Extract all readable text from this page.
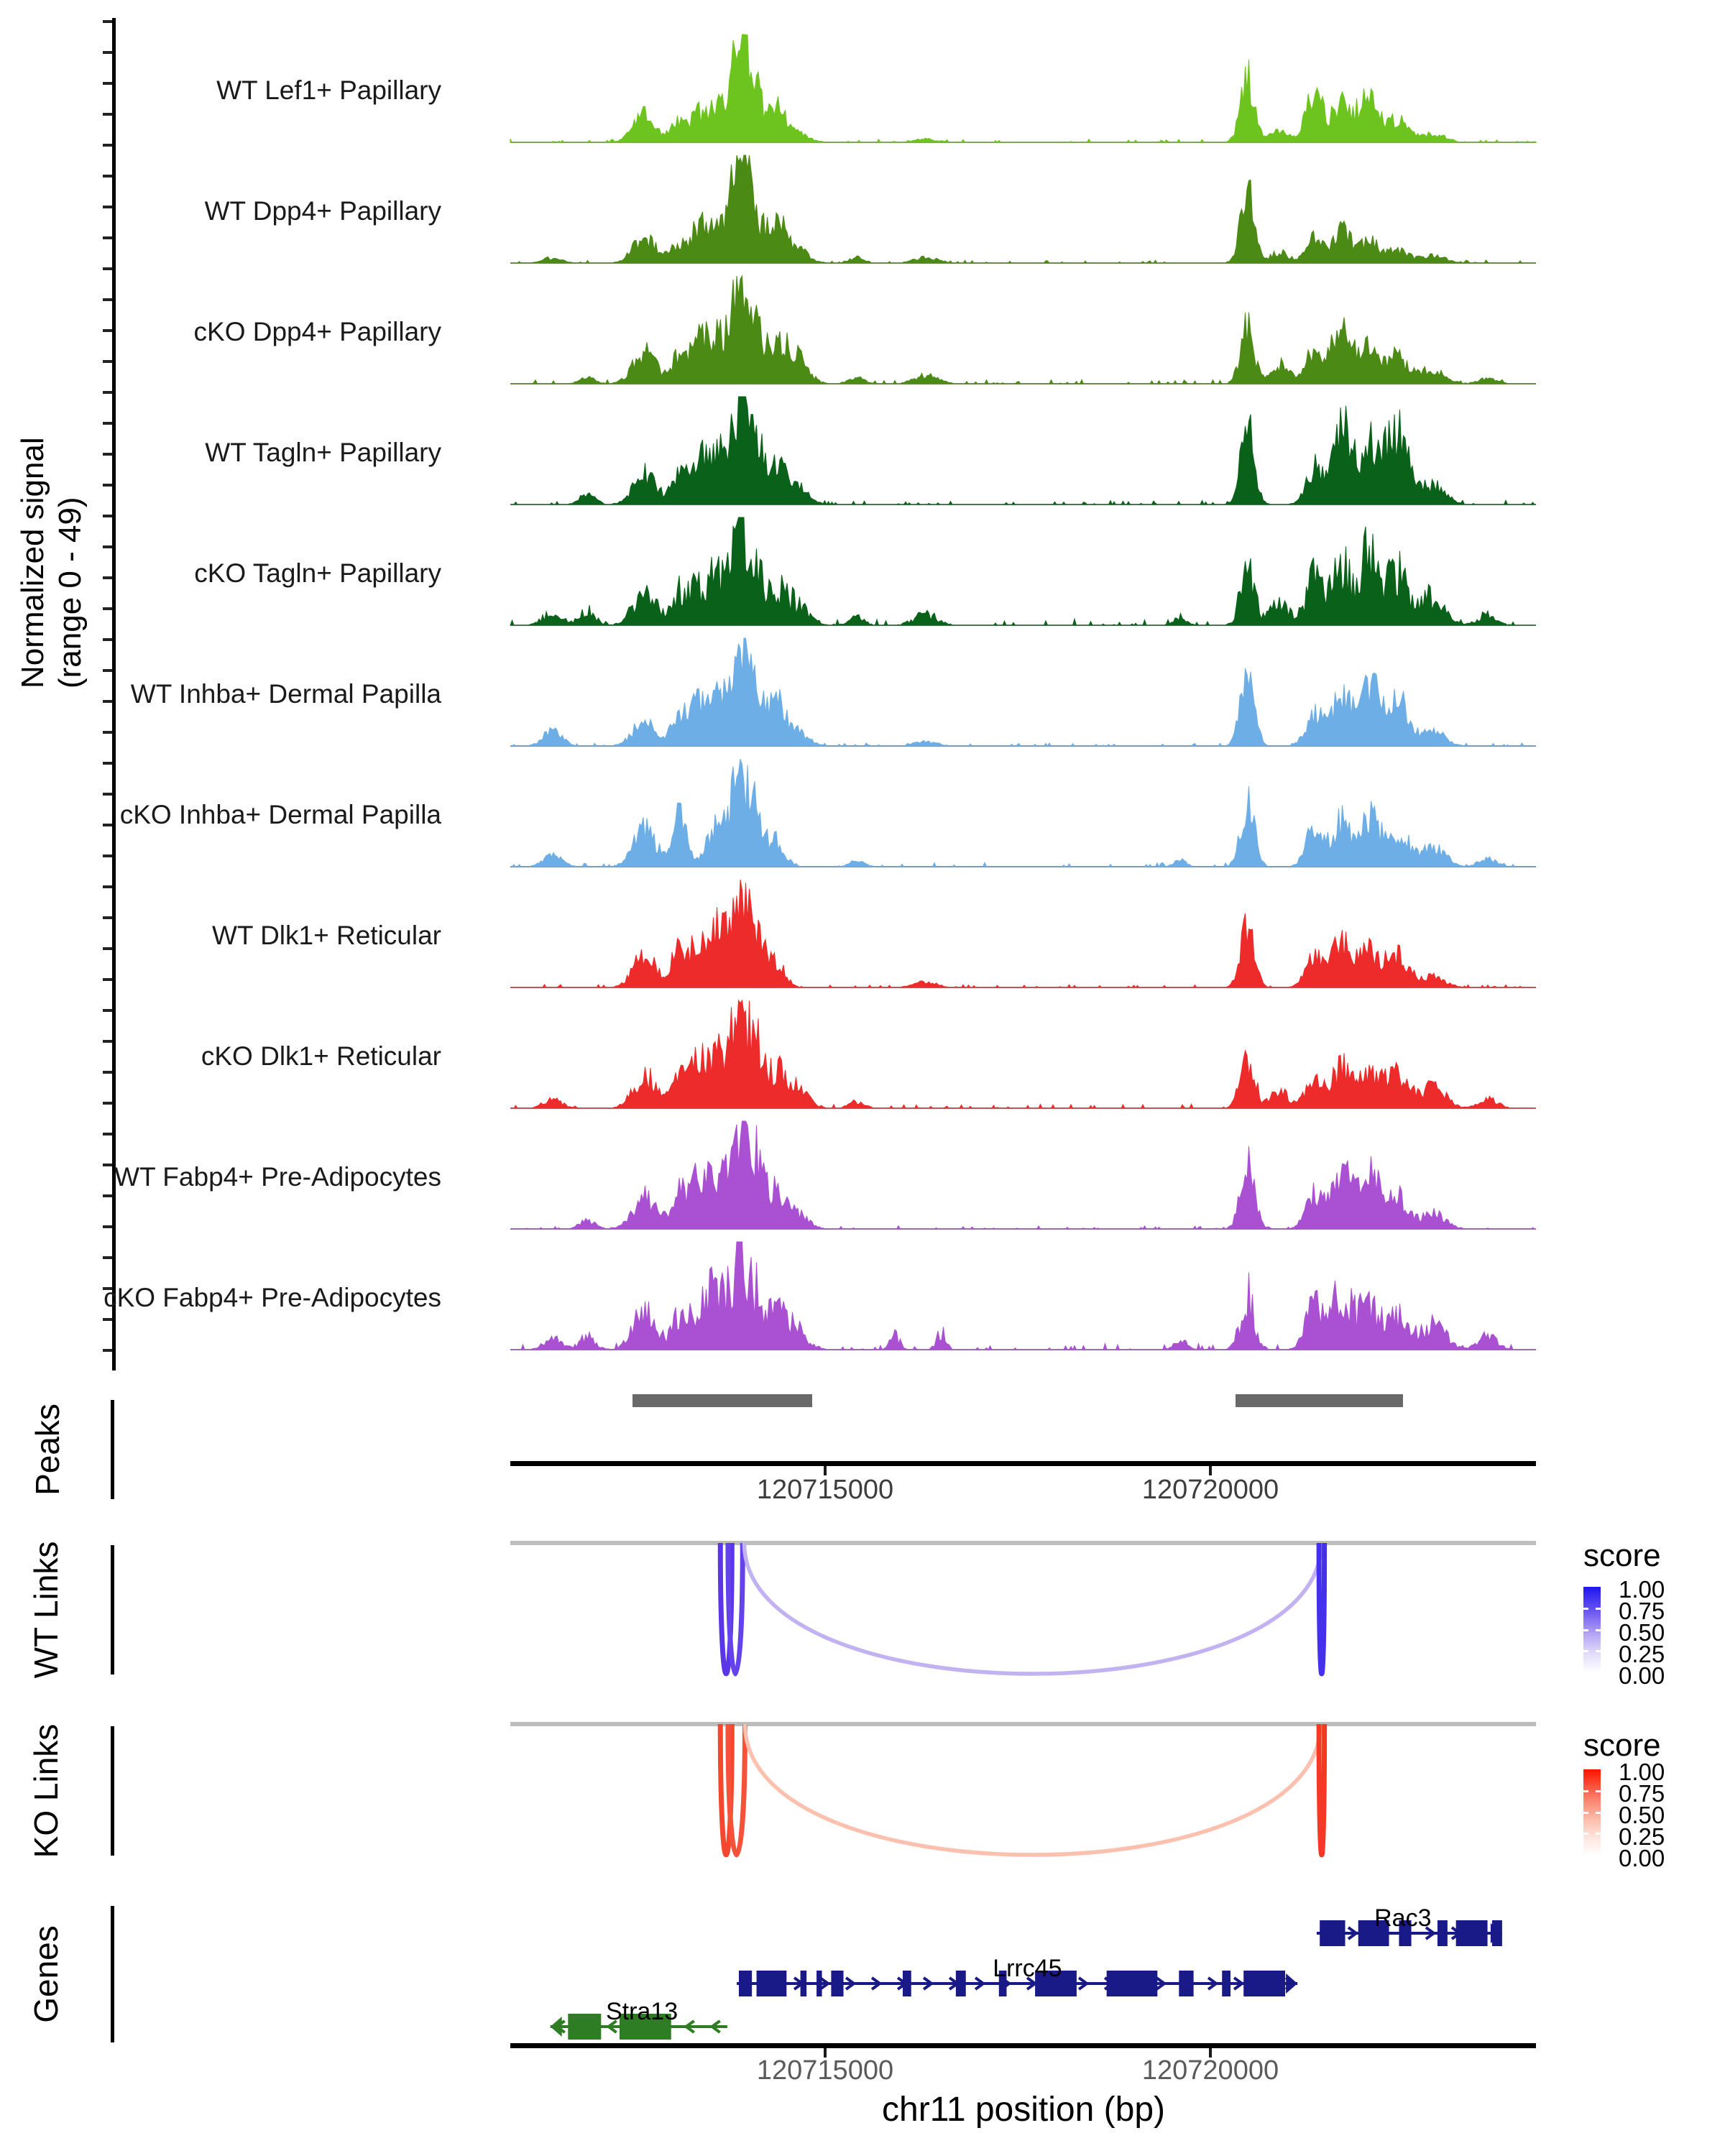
Normalized signal (range 0 - 49)
WT Lef1+ Papillary
WT Dpp4+ Papillary
cKO Dpp4+ Papillary
WT Tagln+ Papillary
cKO Tagln+ Papillary
WT Inhba+ Dermal Papilla
cKO Inhba+ Dermal Papilla
WT Dlk1+ Reticular
cKO Dlk1+ Reticular
WT Fabp4+ Pre-Adipocytes
cKO Fabp4+ Pre-Adipocytes
Peaks	120715000	120720000
WT Links	score
1.00
0.75
0.50
0.25
0.00
KO Links	score
1.00
0.75
0.50
0.25
0.00
Genes
Rac3
Lrrc45
Stra13
120715000	120720000
chr11 position (bp)
